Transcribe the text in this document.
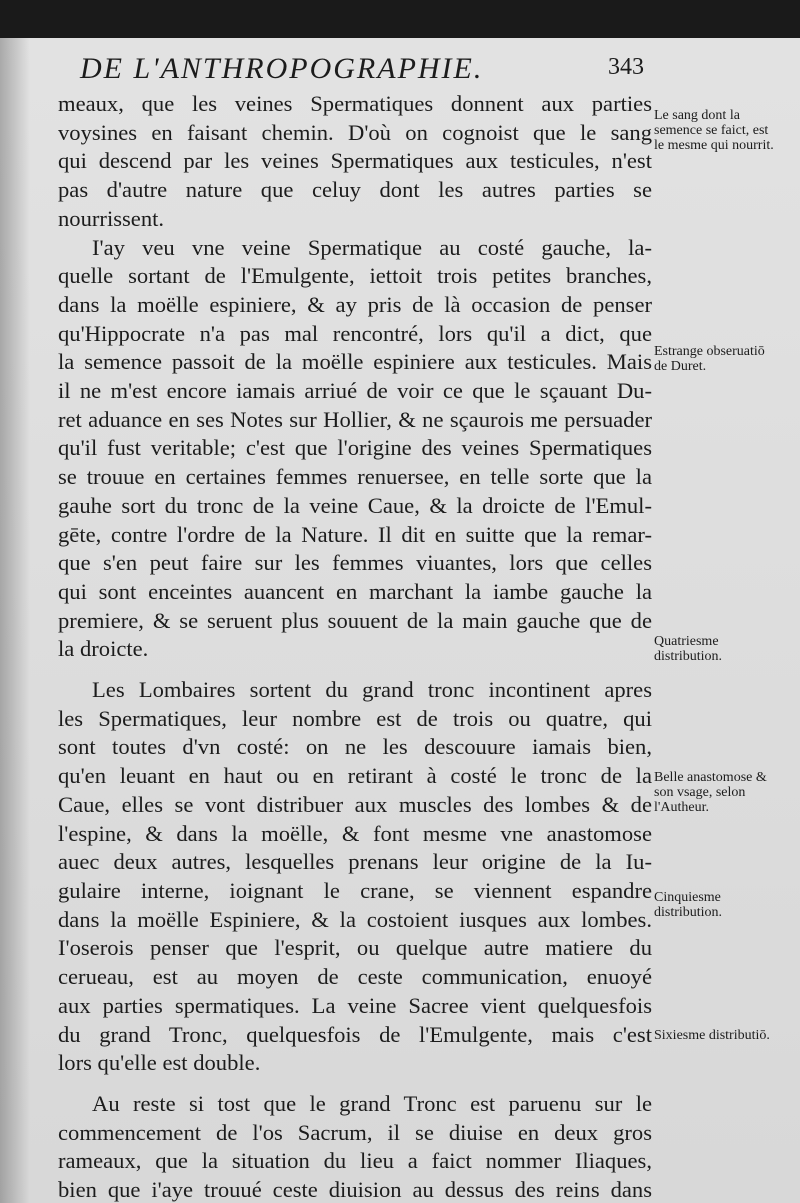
DE L'ANTHROPOGRAPHIE.	343
meaux, que les veines Spermatiques donnent aux parties
voysines en faisant chemin. D'où on cognoist que le sang
qui descend par les veines Spermatiques aux testicules, n'est
pas d'autre nature que celuy dont les autres parties se
nourrissent.
I'ay veu vne veine Spermatique au costé gauche, la-
quelle sortant de l'Emulgente, iettoit trois petites branches,
dans la moëlle espiniere, & ay pris de là occasion de penser
qu'Hippocrate n'a pas mal rencontré, lors qu'il a dict, que
la semence passoit de la moëlle espiniere aux testicules. Mais
il ne m'est encore iamais arriué de voir ce que le sçauant Du-
ret aduance en ses Notes sur Hollier, & ne sçaurois me persuader
qu'il fust veritable; c'est que l'origine des veines Spermatiques
se trouue en certaines femmes renuersee, en telle sorte que la
gauhe sort du tronc de la veine Caue, & la droicte de l'Emul-
gēte, contre l'ordre de la Nature. Il dit en suitte que la remar-
que s'en peut faire sur les femmes viuantes, lors que celles
qui sont enceintes auancent en marchant la iambe gauche la
premiere, & se seruent plus souuent de la main gauche que de
la droicte.
Les Lombaires sortent du grand tronc incontinent apres
les Spermatiques, leur nombre est de trois ou quatre, qui
sont toutes d'vn costé: on ne les descouure iamais bien,
qu'en leuant en haut ou en retirant à costé le tronc de la
Caue, elles se vont distribuer aux muscles des lombes & de
l'espine, & dans la moëlle, & font mesme vne anastomose
auec deux autres, lesquelles prenans leur origine de la Iu-
gulaire interne, ioignant le crane, se viennent espandre
dans la moëlle Espiniere, & la costoient iusques aux lombes.
I'oserois penser que l'esprit, ou quelque autre matiere du
cerueau, est au moyen de ceste communication, enuoyé
aux parties spermatiques. La veine Sacree vient quelquesfois
du grand Tronc, quelquesfois de l'Emulgente, mais c'est
lors qu'elle est double.
Au reste si tost que le grand Tronc est paruenu sur le
commencement de l'os Sacrum, il se diuise en deux gros
rameaux, que la situation du lieu a faict nommer Iliaques,
bien que i'aye trouué ceste diuision au dessus des reins dans
Le sang dont la semence se faict, est le mesme qui nourrit.
Estrange obseruatiō de Duret.
Quatriesme distribution.
Belle anastomose & son vsage, selon l'Autheur.
Cinquiesme distribution.
Sixiesme distributiō.
